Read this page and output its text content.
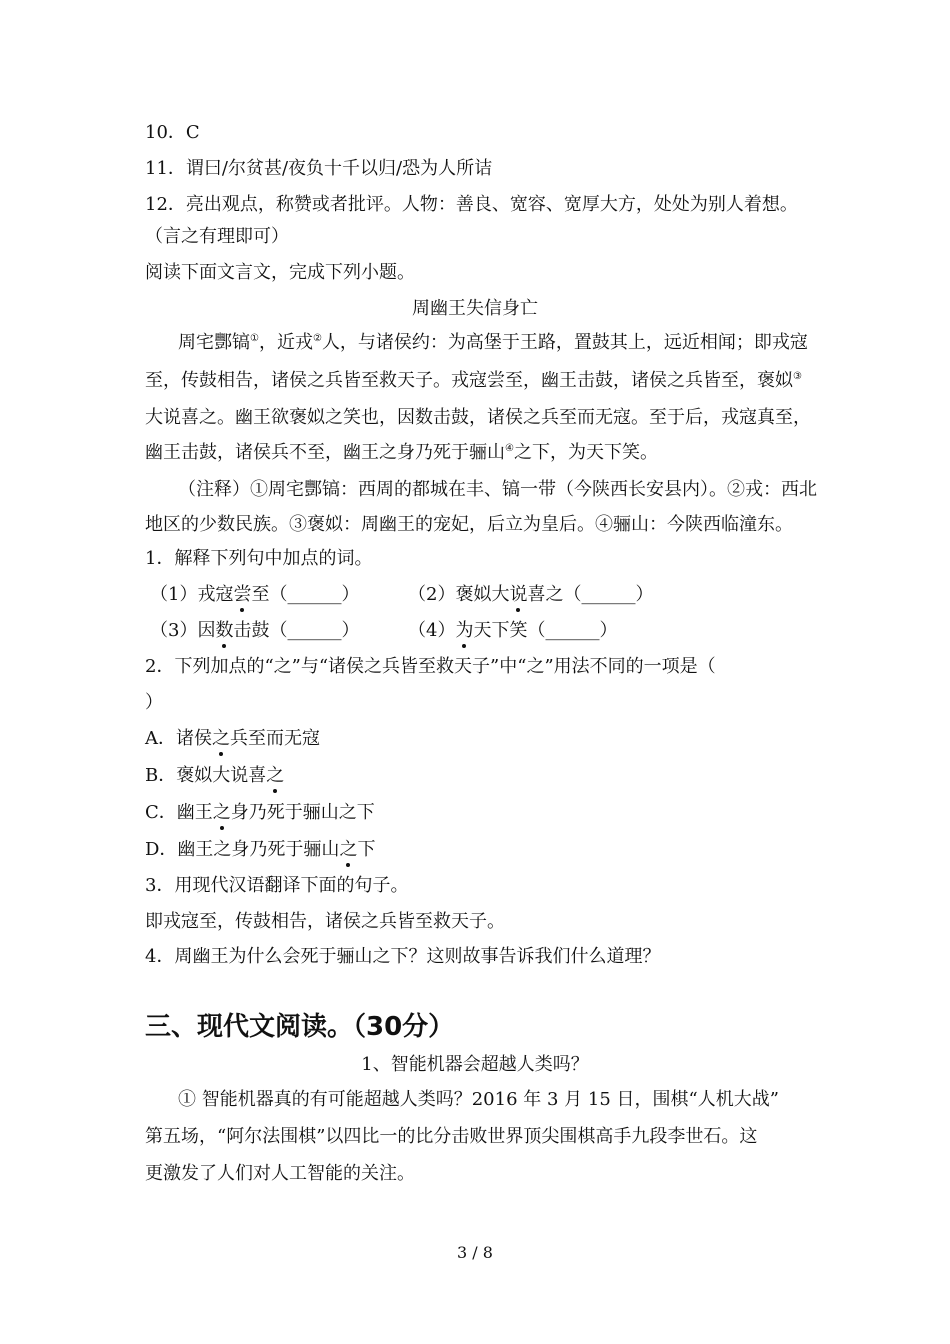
10．C
11．谓曰/尔贫甚/夜负十千以归/恐为人所诘
12．亮出观点，称赞或者批评。人物：善良、宽容、宽厚大方，处处为别人着想。
（言之有理即可）
阅读下面文言文，完成下列小题。
周幽王失信身亡
周宅酆镐①，近戎②人，与诸侯约：为高堡于王路，置鼓其上，远近相闻；即戎寇
至，传鼓相告，诸侯之兵皆至救天子。戎寇尝至，幽王击鼓，诸侯之兵皆至，褒姒③
大说喜之。幽王欲褒姒之笑也，因数击鼓，诸侯之兵至而无寇。至于后，戎寇真至，
幽王击鼓，诸侯兵不至，幽王之身乃死于骊山④之下，为天下笑。
（注释）①周宅酆镐：西周的都城在丰、镐一带（今陕西长安县内）。②戎：西北
地区的少数民族。③褒姒：周幽王的宠妃，后立为皇后。④骊山：今陕西临潼东。
1．解释下列句中加点的词。
（1）戎寇尝至（______）	（2）褒姒大说喜之（______）
（3）因数击鼓（______）	（4）为天下笑（______）
2．下列加点的“之”与“诸侯之兵皆至救天子”中“之”用法不同的一项是（
）
A．诸侯之兵至而无寇
B．褒姒大说喜之
C．幽王之身乃死于骊山之下
D．幽王之身乃死于骊山之下
3．用现代汉语翻译下面的句子。
即戎寇至，传鼓相告，诸侯之兵皆至救天子。
4．周幽王为什么会死于骊山之下？这则故事告诉我们什么道理？
三、现代文阅读。（30分）
1、智能机器会超越人类吗？
① 智能机器真的有可能超越人类吗？2016 年 3 月 15 日，围棋“人机大战”
第五场，“阿尔法围棋”以四比一的比分击败世界顶尖围棋高手九段李世石。这
更激发了人们对人工智能的关注。
3 / 8
